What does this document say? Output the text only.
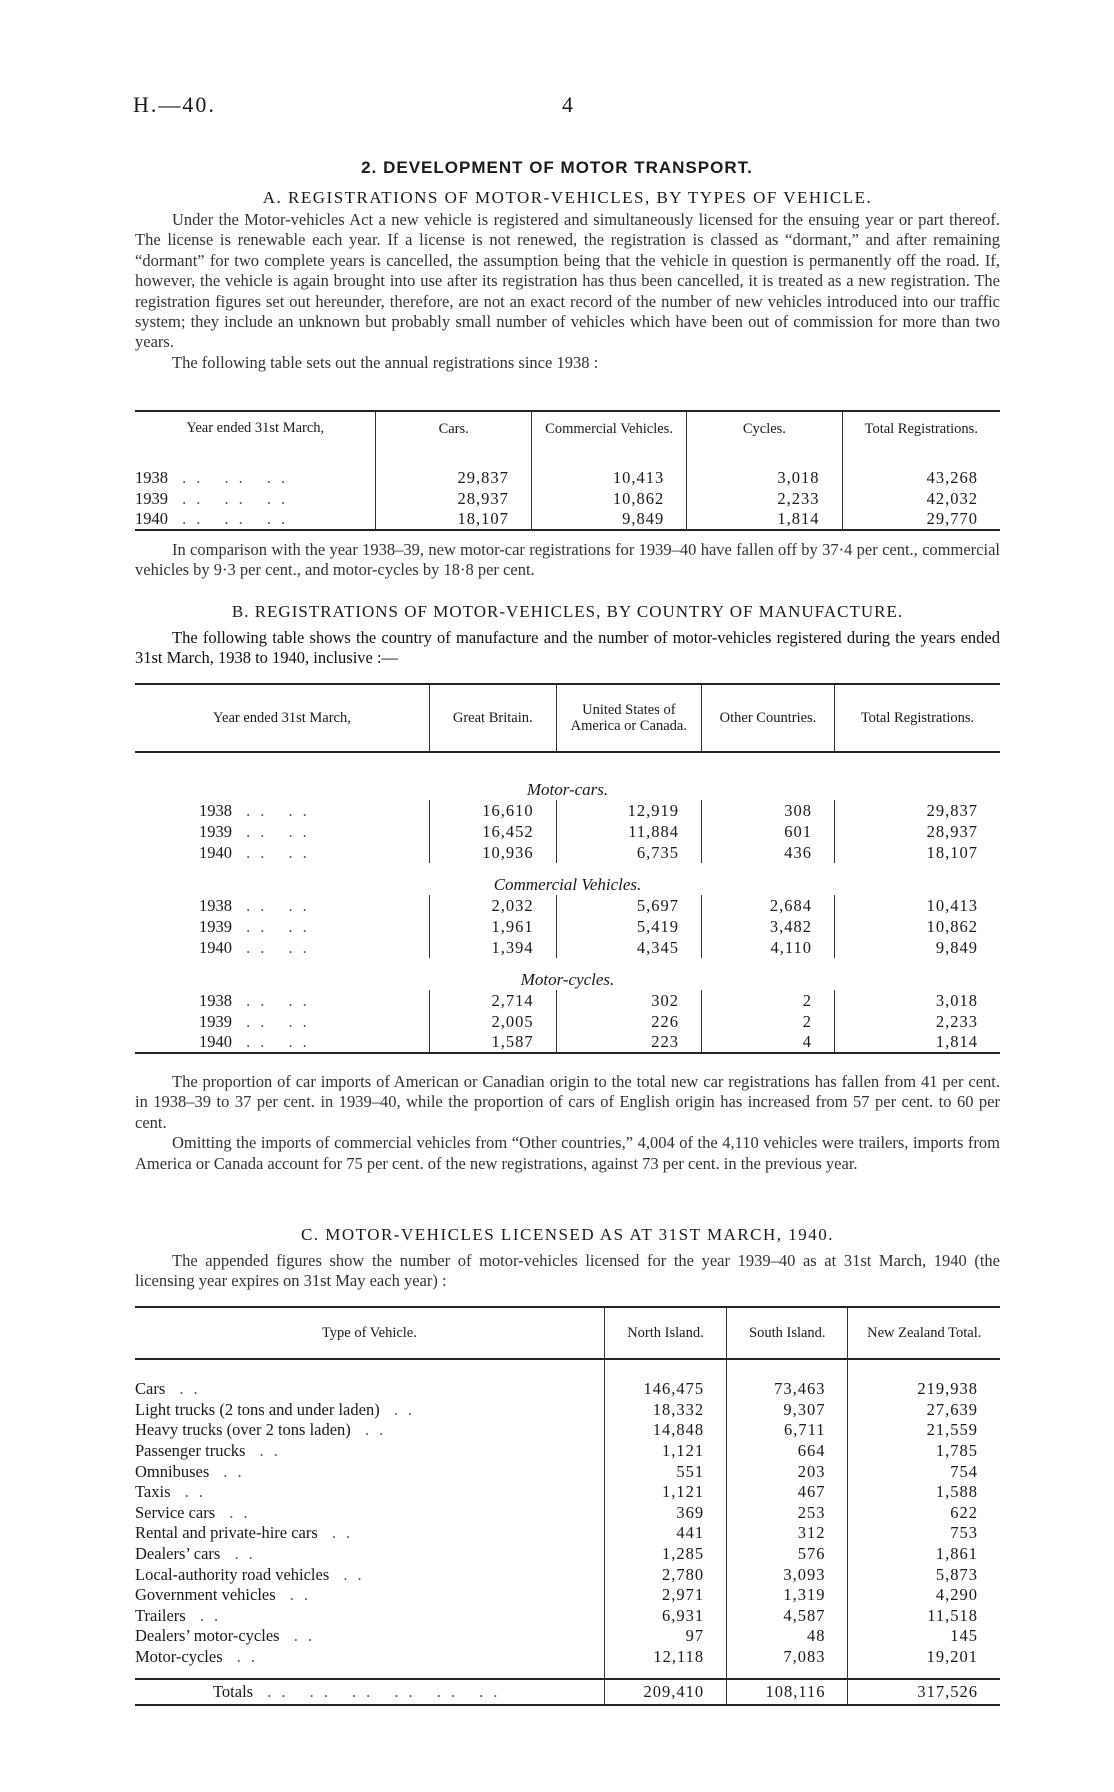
H.—40.	4
2. DEVELOPMENT OF MOTOR TRANSPORT.
A. REGISTRATIONS OF MOTOR-VEHICLES, BY TYPES OF VEHICLE.

Under the Motor-vehicles Act a new vehicle is registered and simultaneously licensed for the ensuing year or part thereof. The license is renewable each year. If a license is not renewed, the registration is classed as “dormant,” and after remaining “dormant” for two complete years is cancelled, the assumption being that the vehicle in question is permanently off the road. If, however, the vehicle is again brought into use after its registration has thus been cancelled, it is treated as a new registration. The registration figures set out hereunder, therefore, are not an exact record of the number of new vehicles introduced into our traffic system; they include an unknown but probably small number of vehicles which have been out of commission for more than two years.

The following table sets out the annual registrations since 1938 :

Year ended 31st March,	Cars.	Commercial Vehicles.	Cycles.	Total Registrations.

1938 .. .. ..	29,837	10,413	3,018	43,268
1939 .. .. ..	28,937	10,862	2,233	42,032
1940 .. .. ..	18,107	9,849	1,814	29,770

In comparison with the year 1938–39, new motor-car registrations for 1939–40 have fallen off by 37·4 per cent., commercial vehicles by 9·3 per cent., and motor-cycles by 18·8 per cent.

B. REGISTRATIONS OF MOTOR-VEHICLES, BY COUNTRY OF MANUFACTURE.

The following table shows the country of manufacture and the number of motor-vehicles registered during the years ended 31st March, 1938 to 1940, inclusive :—

Year ended 31st March,	Great Britain.	United States of America or Canada.	Other Countries.	Total Registrations.
Motor-cars.				
1938 .. ..	16,610	12,919	308	29,837
1939 .. ..	16,452	11,884	601	28,937
1940 .. ..	10,936	6,735	436	18,107
Commercial Vehicles.				
1938 .. ..	2,032	5,697	2,684	10,413
1939 .. ..	1,961	5,419	3,482	10,862
1940 .. ..	1,394	4,345	4,110	9,849
Motor-cycles.				
1938 .. ..	2,714	302	2	3,018
1939 .. ..	2,005	226	2	2,233
1940 .. ..	1,587	223	4	1,814

The proportion of car imports of American or Canadian origin to the total new car registrations has fallen from 41 per cent. in 1938–39 to 37 per cent. in 1939–40, while the proportion of cars of English origin has increased from 57 per cent. to 60 per cent.

Omitting the imports of commercial vehicles from “Other countries,” 4,004 of the 4,110 vehicles were trailers, imports from America or Canada account for 75 per cent. of the new registrations, against 73 per cent. in the previous year.

C. MOTOR-VEHICLES LICENSED AS AT 31ST MARCH, 1940.

The appended figures show the number of motor-vehicles licensed for the year 1939–40 as at 31st March, 1940 (the licensing year expires on 31st May each year) :

Type of Vehicle.	North Island.	South Island.	New Zealand Total.

Cars ..	146,475	73,463	219,938
Light trucks (2 tons and under laden) ..	18,332	9,307	27,639
Heavy trucks (over 2 tons laden) ..	14,848	6,711	21,559
Passenger trucks ..	1,121	664	1,785
Omnibuses ..	551	203	754
Taxis ..	1,121	467	1,588
Service cars ..	369	253	622
Rental and private-hire cars ..	441	312	753
Dealers’ cars ..	1,285	576	1,861
Local-authority road vehicles ..	2,780	3,093	5,873
Government vehicles ..	2,971	1,319	4,290
Trailers ..	6,931	4,587	11,518
Dealers’ motor-cycles ..	97	48	145
Motor-cycles ..	12,118	7,083	19,201

Totals .. .. .. .. .. ..	209,410	108,116	317,526
